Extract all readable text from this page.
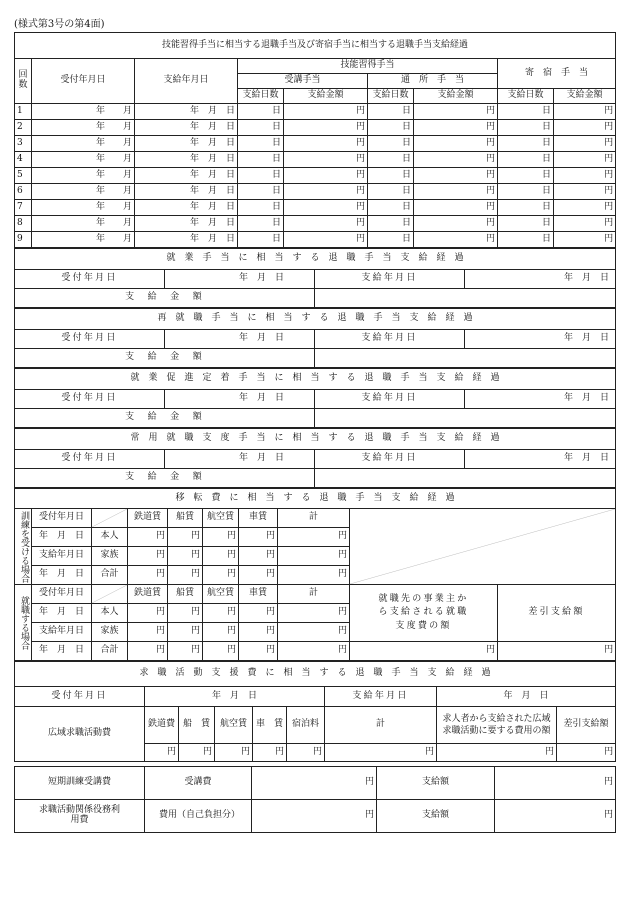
(様式第3号の第4面)
技能習得手当に相当する退職手当及び寄宿手当に相当する退職手当支給経過								
回数	受付年月日	支給年月日	技能習得手当				寄　宿　手　当	
			受講手当		通　所　手　当			
			支給日数	支給金額	支給日数	支給金額	支給日数	支給金額
1	年　　月	年　月　日	日	円	日	円	日	円
2	年　　月	年　月　日	日	円	日	円	日	円
3	年　　月	年　月　日	日	円	日	円	日	円
4	年　　月	年　月　日	日	円	日	円	日	円
5	年　　月	年　月　日	日	円	日	円	日	円
6	年　　月	年　月　日	日	円	日	円	日	円
7	年　　月	年　月　日	日	円	日	円	日	円
8	年　　月	年　月　日	日	円	日	円	日	円
9	年　　月	年　月　日	日	円	日	円	日	円
就　業　手　当　に　相　当　す　る　退　職　手　当　支　給　経　過			
受付年月日	年　月　日	支給年月日	年　月　日
支　給　金　額			
再　就　職　手　当　に　相　当　す　る　退　職　手　当　支　給　経　過			
受付年月日	年　月　日	支給年月日	年　月　日
支　給　金　額			
就　業　促　進　定　着　手　当　に　相　当　す　る　退　職　手　当　支　給　経　過			
受付年月日	年　月　日	支給年月日	年　月　日
支　給　金　額			
常　用　就　職　支　度　手　当　に　相　当　す　る　退　職　手　当　支　給　経　過			
受付年月日	年　月　日	支給年月日	年　月　日
支　給　金　額			
移　転　費　に　相　当　す　る　退　職　手　当　支　給　経　過									
訓練を受ける場合	受付年月日		鉄道賃	船賃	航空賃	車賃	計	

	年　月　日	本人	円	円	円	円	円		
	支給年月日	家族	円	円	円	円	円		
	年　月　日	合計	円	円	円	円	円		
就職する場合	受付年月日		鉄道賃	船賃	航空賃	車賃	計	就職先の事業主から支給される就職支度費の額	差引支給額
	年　月　日	本人	円	円	円	円	円		
	支給年月日	家族	円	円	円	円	円		
	年　月　日	合計	円	円	円	円	円	円	円
求　職　活　動　支　援　費　に　相　当　す　る　退　職　手　当　支　給　経　過								
受付年月日	年　月　日					支給年月日	年　月　日	
広域求職活動費	鉄道費	船　賃	航空賃	車　賃	宿泊料	計	求人者から支給された広域求職活動に要する費用の額	差引支給額
	円	円	円	円	円	円	円	円
短期訓練受講費	受講費	円	支給額	円
求職活動関係役務利用費	費用（自己負担分）	円	支給額	円
